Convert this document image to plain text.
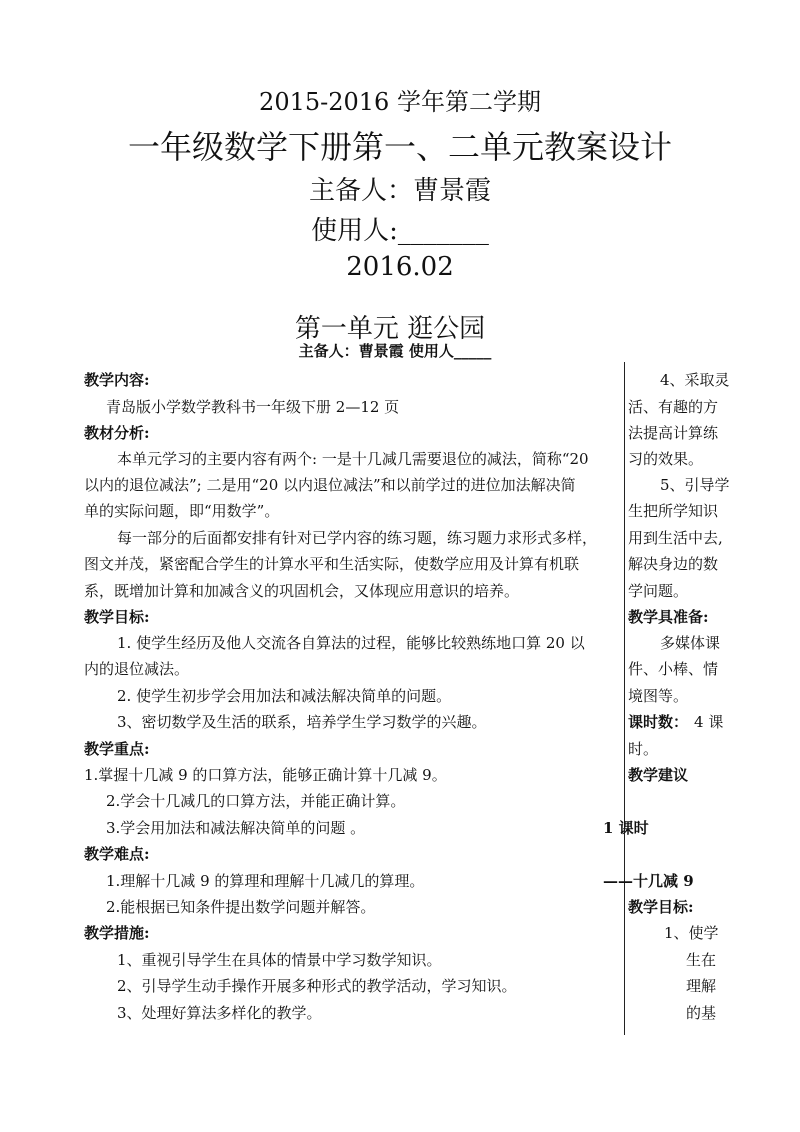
2015-2016 学年第二学期
一年级数学下册第一、二单元教案设计
主备人：曹景霞
使用人:_______
2016.02
第一单元 逛公园
主备人：曹景霞 使用人_____
教学内容:
青岛版小学数学教科书一年级下册 2—12 页
教材分析:
本单元学习的主要内容有两个: 一是十几减几需要退位的减法，简称“20
以内的退位减法”; 二是用“20 以内退位减法”和以前学过的进位加法解决简
单的实际问题，即“用数学”。
每一部分的后面都安排有针对已学内容的练习题，练习题力求形式多样，
图文并茂，紧密配合学生的计算水平和生活实际，使数学应用及计算有机联
系，既增加计算和加减含义的巩固机会，又体现应用意识的培养。
教学目标:
1. 使学生经历及他人交流各自算法的过程，能够比较熟练地口算 20 以
内的退位减法。
2. 使学生初步学会用加法和减法解决简单的问题。
3、密切数学及生活的联系，培养学生学习数学的兴趣。
教学重点:
1.掌握十几减 9 的口算方法，能够正确计算十几减 9。
2.学会十几减几的口算方法，并能正确计算。
3.学会用加法和减法解决简单的问题 。
教学难点:
1.理解十几减 9 的算理和理解十几减几的算理。
2.能根据已知条件提出数学问题并解答。
教学措施:
1、重视引导学生在具体的情景中学习数学知识。
2、引导学生动手操作开展多种形式的教学活动，学习知识。
3、处理好算法多样化的教学。
4、采取灵
活、有趣的方
法提高计算练
习的效果。
5、引导学
生把所学知识
用到生活中去,
解决身边的数
学问题。
教学具准备:
多媒体课
件、小棒、情
境图等。
课时数： 4 课
时。
教学建议
1 课时
——十几减 9
教学目标:
1、使学
生在
理解
的基
